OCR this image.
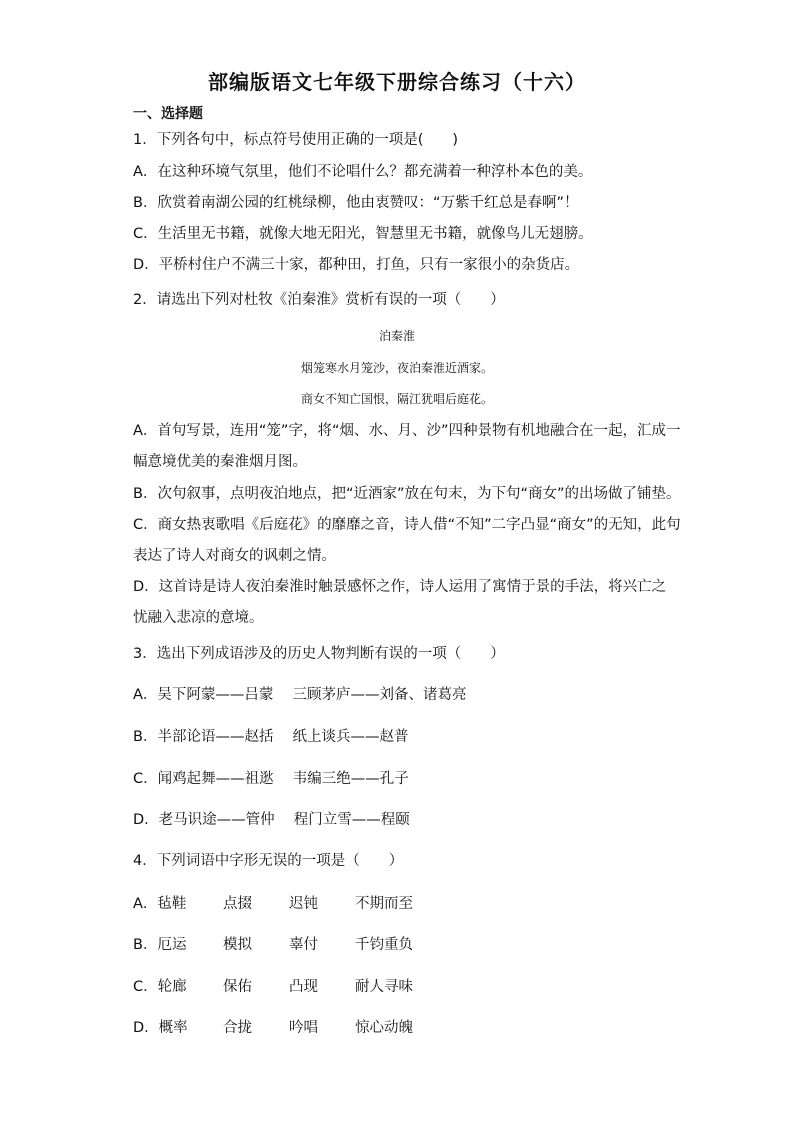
部编版语文七年级下册综合练习（十六）
一、选择题
1．下列各句中，标点符号使用正确的一项是(　　)
A．在这种环境气氛里，他们不论唱什么？都充满着一种淳朴本色的美。
B．欣赏着南湖公园的红桃绿柳，他由衷赞叹：“万紫千红总是春啊”！
C．生活里无书籍，就像大地无阳光，智慧里无书籍，就像鸟儿无翅膀。
D．平桥村住户不满三十家，都种田，打鱼，只有一家很小的杂货店。
2．请选出下列对杜牧《泊秦淮》赏析有误的一项（　　）
泊秦淮
烟笼寒水月笼沙，夜泊秦淮近酒家。
商女不知亡国恨，隔江犹唱后庭花。
A．首句写景，连用“笼”字，将“烟、水、月、沙”四种景物有机地融合在一起，汇成一
幅意境优美的秦淮烟月图。
B．次句叙事，点明夜泊地点，把“近酒家”放在句末，为下句“商女”的出场做了铺垫。
C．商女热衷歌唱《后庭花》的靡靡之音，诗人借“不知”二字凸显“商女”的无知，此句
表达了诗人对商女的讽刺之情。
D．这首诗是诗人夜泊秦淮时触景感怀之作，诗人运用了寓情于景的手法，将兴亡之
忧融入悲凉的意境。
3．选出下列成语涉及的历史人物判断有误的一项（　　）
A．吴下阿蒙——吕蒙　 三顾茅庐——刘备、诸葛亮
B．半部论语——赵括　 纸上谈兵——赵普
C．闻鸡起舞——祖逖　 韦编三绝——孔子
D．老马识途——管仲　 程门立雪——程颐
4．下列词语中字形无误的一项是（　　）
A．毡鞋	点掇	迟钝	不期而至
B．厄运	模拟	辜付	千钧重负
C．轮廊	保佑	凸现	耐人寻味
D．概率 合拢	吟唱	惊心动魄
